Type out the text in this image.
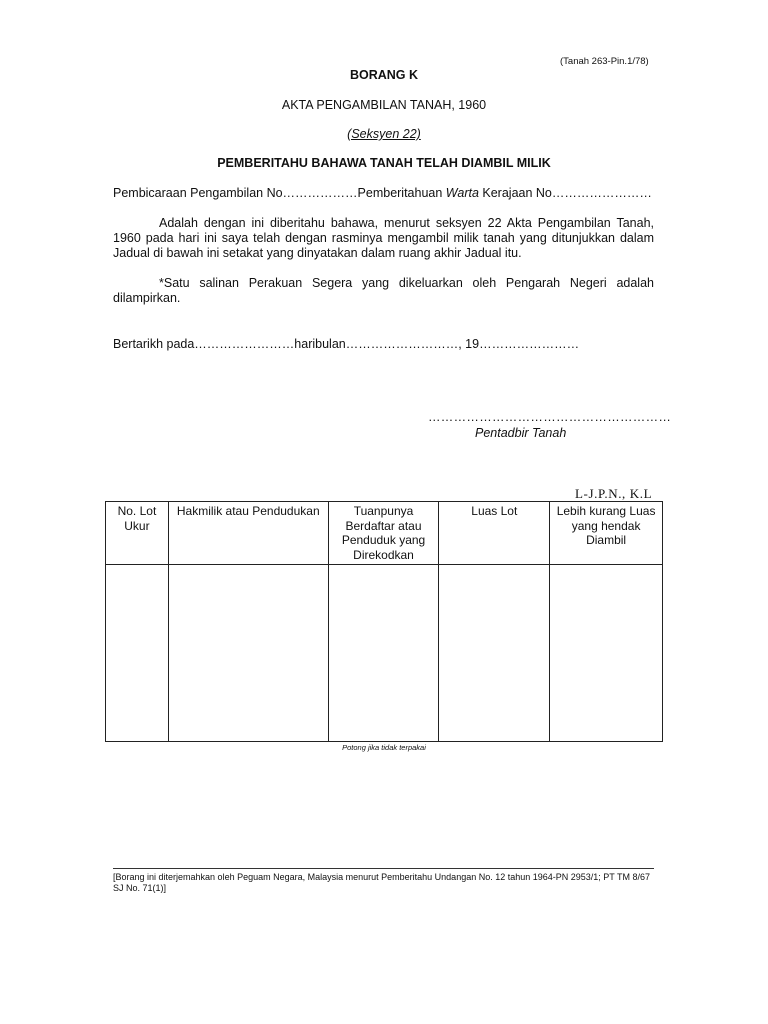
(Tanah 263-Pin.1/78)
BORANG K
AKTA PENGAMBILAN TANAH, 1960
(Seksyen 22)
PEMBERITAHU BAHAWA TANAH TELAH DIAMBIL MILIK
Pembicaraan Pengambilan No………………Pemberitahuan Warta Kerajaan No……………………
Adalah dengan ini diberitahu bahawa, menurut seksyen 22 Akta Pengambilan Tanah, 1960 pada hari ini saya telah dengan rasminya mengambil milik tanah yang ditunjukkan dalam Jadual di bawah ini setakat yang dinyatakan dalam ruang akhir Jadual itu.
*Satu salinan Perakuan Segera yang dikeluarkan oleh Pengarah Negeri adalah dilampirkan.
Bertarikh pada……………………haribulan………………………, 19……………………
…………………………………………………
Pentadbir Tanah
L-J.P.N., K.L
No. Lot Ukur	Hakmilik atau Pendudukan	Tuanpunya Berdaftar atau Penduduk yang Direkodkan	Luas Lot	Lebih kurang Luas yang hendak Diambil

Potong jika tidak terpakai
[Borang ini diterjemahkan oleh Peguam Negara, Malaysia menurut Pemberitahu Undangan No. 12 tahun 1964-PN 2953/1; PT TM 8/67 SJ No. 71(1)]
